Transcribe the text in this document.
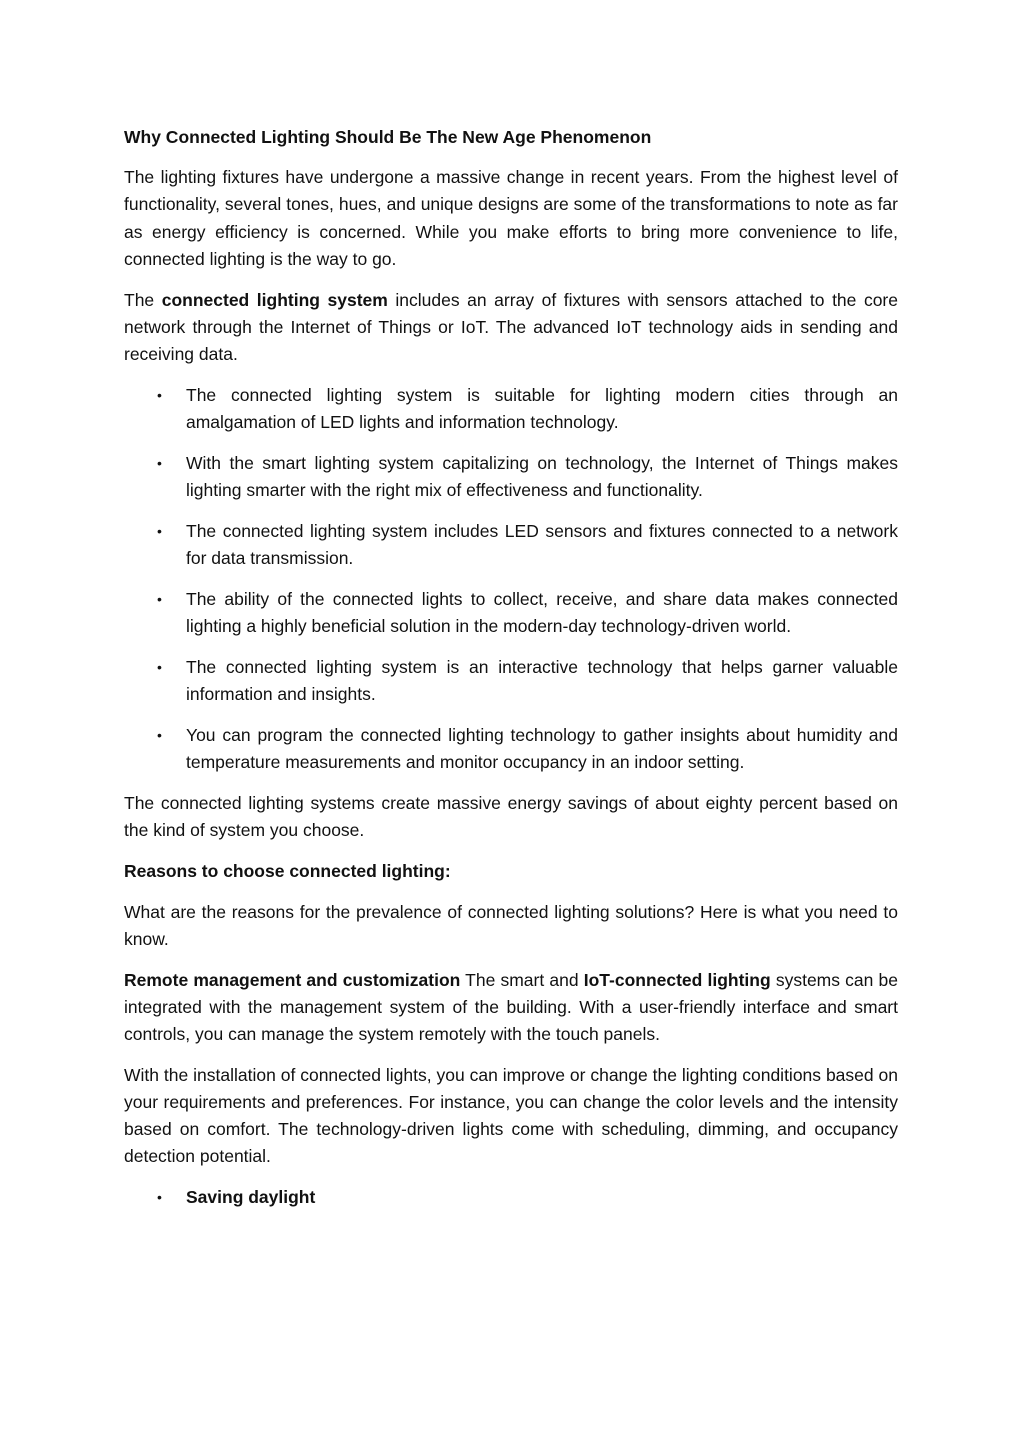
Why Connected Lighting Should Be The New Age Phenomenon

The lighting fixtures have undergone a massive change in recent years. From the highest level of functionality, several tones, hues, and unique designs are some of the transformations to note as far as energy efficiency is concerned. While you make efforts to bring more convenience to life, connected lighting is the way to go.

The connected lighting system includes an array of fixtures with sensors attached to the core network through the Internet of Things or IoT. The advanced IoT technology aids in sending and receiving data.

• The connected lighting system is suitable for lighting modern cities through an amalgamation of LED lights and information technology.
• With the smart lighting system capitalizing on technology, the Internet of Things makes lighting smarter with the right mix of effectiveness and functionality.
• The connected lighting system includes LED sensors and fixtures connected to a network for data transmission.
• The ability of the connected lights to collect, receive, and share data makes connected lighting a highly beneficial solution in the modern-day technology-driven world.
• The connected lighting system is an interactive technology that helps garner valuable information and insights.
• You can program the connected lighting technology to gather insights about humidity and temperature measurements and monitor occupancy in an indoor setting.

The connected lighting systems create massive energy savings of about eighty percent based on the kind of system you choose.

Reasons to choose connected lighting:

What are the reasons for the prevalence of connected lighting solutions? Here is what you need to know.

Remote management and customization The smart and IoT-connected lighting systems can be integrated with the management system of the building. With a user-friendly interface and smart controls, you can manage the system remotely with the touch panels.

With the installation of connected lights, you can improve or change the lighting conditions based on your requirements and preferences. For instance, you can change the color levels and the intensity based on comfort. The technology-driven lights come with scheduling, dimming, and occupancy detection potential.

• Saving daylight
